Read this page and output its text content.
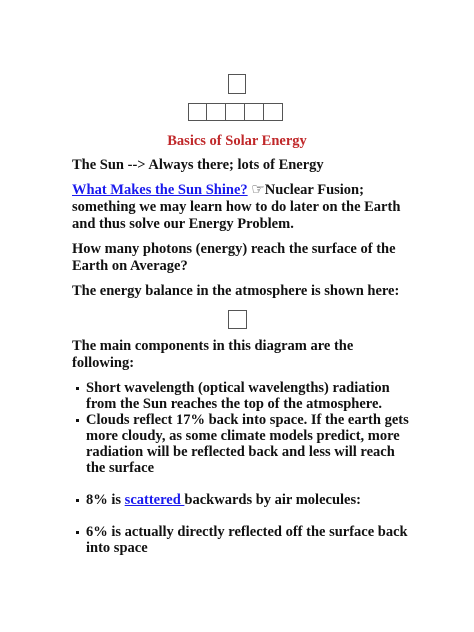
Basics of Solar Energy
The Sun --> Always there; lots of Energy
What Makes the Sun Shine? ☞Nuclear Fusion; something we may learn how to do later on the Earth and thus solve our Energy Problem.
How many photons (energy) reach the surface of the Earth on Average?
The energy balance in the atmosphere is shown here:
The main components in this diagram are the following:
Short wavelength (optical wavelengths) radiation from the Sun reaches the top of the atmosphere.
Clouds reflect 17% back into space. If the earth gets more cloudy, as some climate models predict, more radiation will be reflected back and less will reach the surface
8% is scattered backwards by air molecules:
6% is actually directly reflected off the surface back into space
